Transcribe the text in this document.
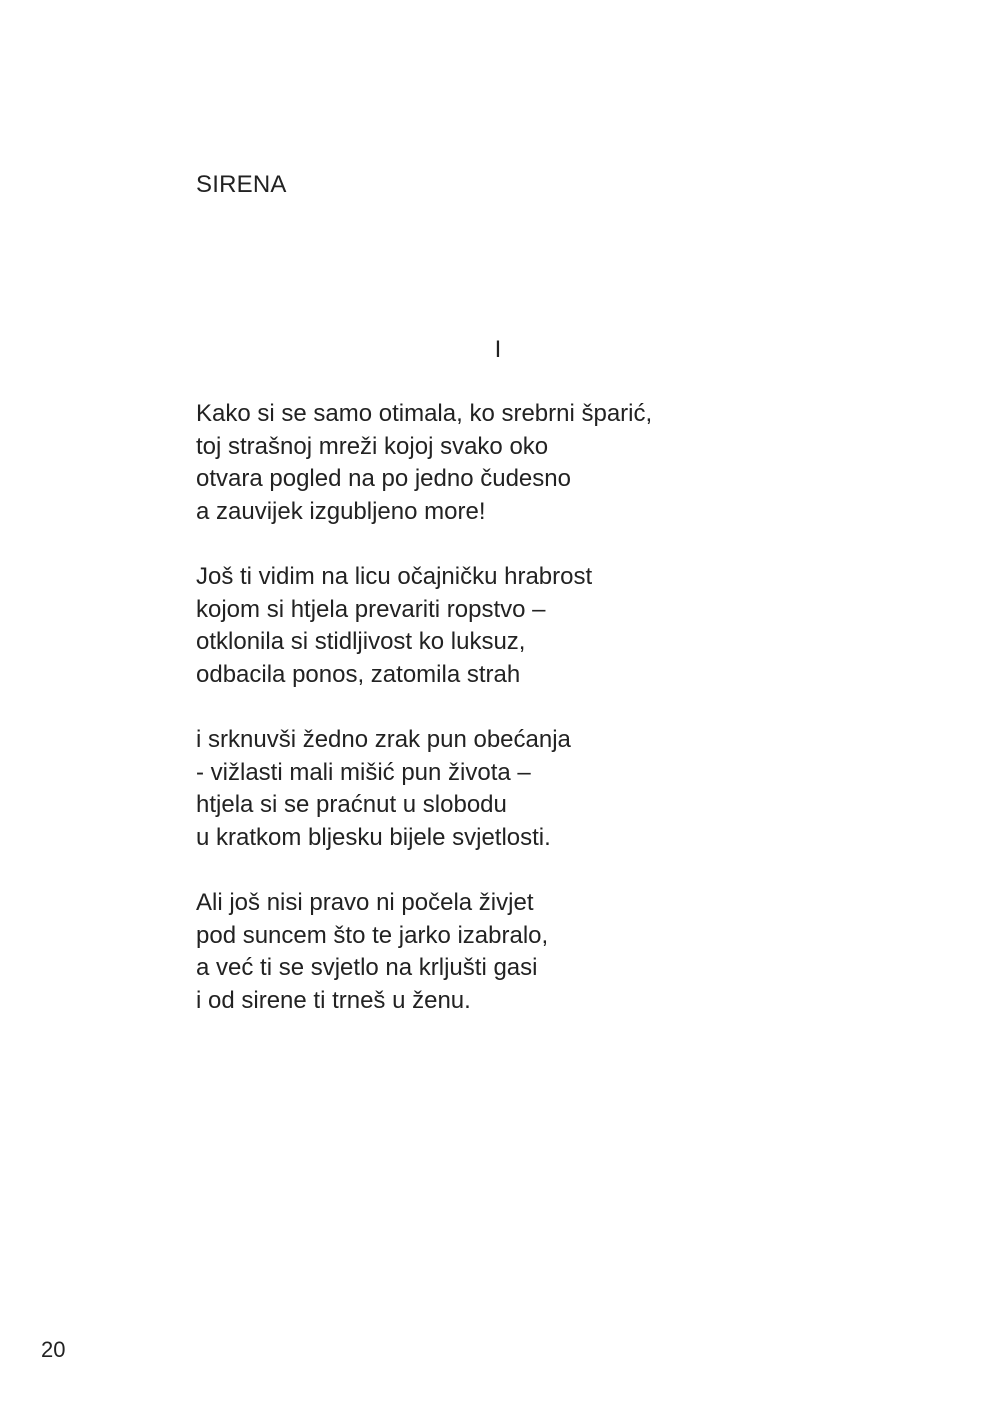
SIRENA
I
Kako si se samo otimala, ko srebrni šparić,
toj strašnoj mreži kojoj svako oko
otvara pogled na po jedno čudesno
a zauvijek izgubljeno more!
Još ti vidim na licu očajničku hrabrost
kojom si htjela prevariti ropstvo –
otklonila si stidljivost ko luksuz,
odbacila ponos, zatomila strah
i srknuvši žedno zrak pun obećanja
- vižlasti mali mišić pun života –
htjela si se praćnut u slobodu
u kratkom bljesku bijele svjetlosti.
Ali još nisi pravo ni počela živjet
pod suncem što te jarko izabralo,
a već ti se svjetlo na krljušti gasi
i od sirene ti trneš u ženu.

20
